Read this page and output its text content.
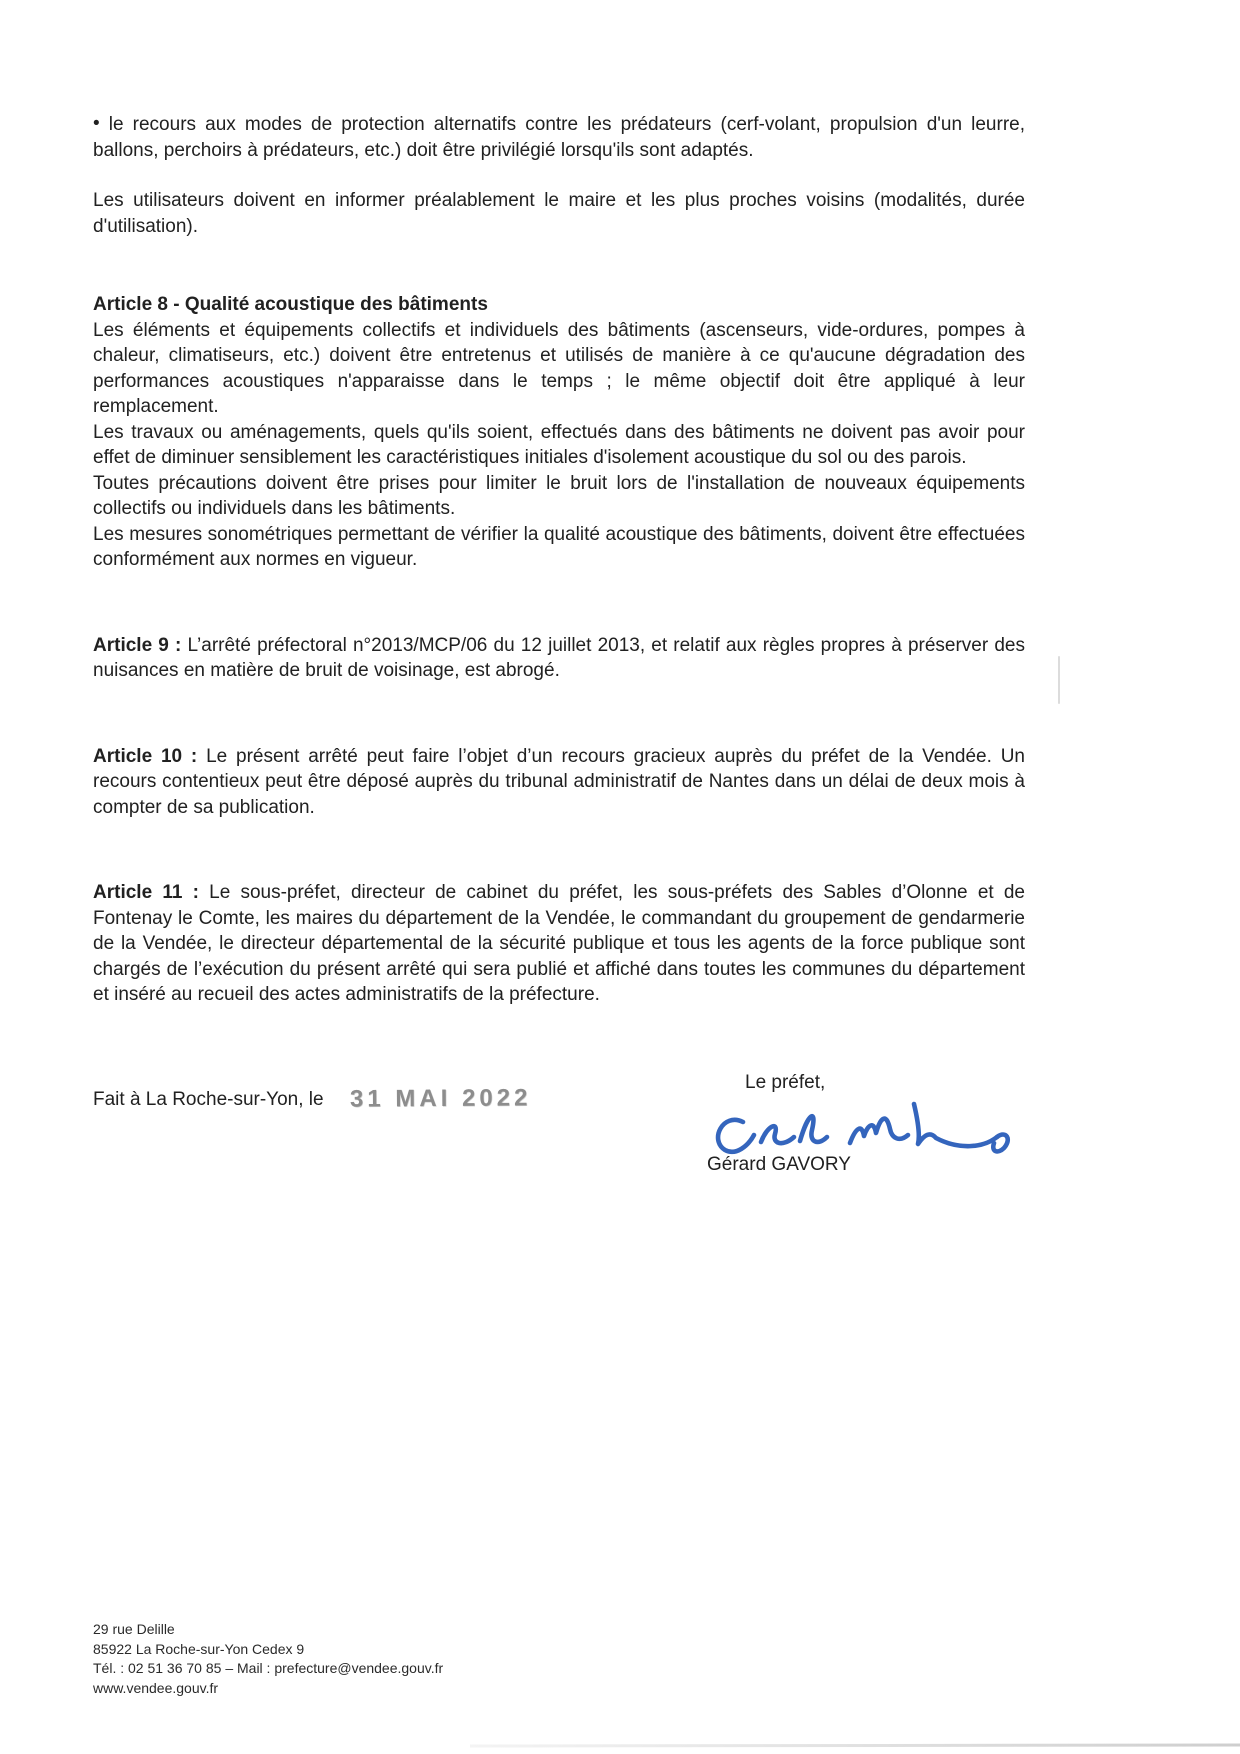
• le recours aux modes de protection alternatifs contre les prédateurs (cerf-volant, propulsion d'un leurre, ballons, perchoirs à prédateurs, etc.) doit être privilégié lorsqu'ils sont adaptés.

Les utilisateurs doivent en informer préalablement le maire et les plus proches voisins (modalités, durée d'utilisation).

Article 8 - Qualité acoustique des bâtiments

Les éléments et équipements collectifs et individuels des bâtiments (ascenseurs, vide-ordures, pompes à chaleur, climatiseurs, etc.) doivent être entretenus et utilisés de manière à ce qu'aucune dégradation des performances acoustiques n'apparaisse dans le temps ; le même objectif doit être appliqué à leur remplacement.

Les travaux ou aménagements, quels qu'ils soient, effectués dans des bâtiments ne doivent pas avoir pour effet de diminuer sensiblement les caractéristiques initiales d'isolement acoustique du sol ou des parois.

Toutes précautions doivent être prises pour limiter le bruit lors de l'installation de nouveaux équipements collectifs ou individuels dans les bâtiments.

Les mesures sonométriques permettant de vérifier la qualité acoustique des bâtiments, doivent être effectuées conformément aux normes en vigueur.

Article 9 : L’arrêté préfectoral n°2013/MCP/06 du 12 juillet 2013, et relatif aux règles propres à préserver des nuisances en matière de bruit de voisinage, est abrogé.

Article 10 : Le présent arrêté peut faire l’objet d’un recours gracieux auprès du préfet de la Vendée. Un recours contentieux peut être déposé auprès du tribunal administratif de Nantes dans un délai de deux mois à compter de sa publication.

Article 11 : Le sous-préfet, directeur de cabinet du préfet, les sous-préfets des Sables d’Olonne et de Fontenay le Comte, les maires du département de la Vendée, le commandant du groupement de gendarmerie de la Vendée, le directeur départemental de la sécurité publique et tous les agents de la force publique sont chargés de l’exécution du présent arrêté qui sera publié et affiché dans toutes les communes du département et inséré au recueil des actes administratifs de la préfecture.

Fait à La Roche-sur-Yon, le 31 MAI 2022
Le préfet,
Gérard GAVORY
29 rue Delille
85922 La Roche-sur-Yon Cedex 9
Tél. : 02 51 36 70 85 – Mail : prefecture@vendee.gouv.fr
www.vendee.gouv.fr
